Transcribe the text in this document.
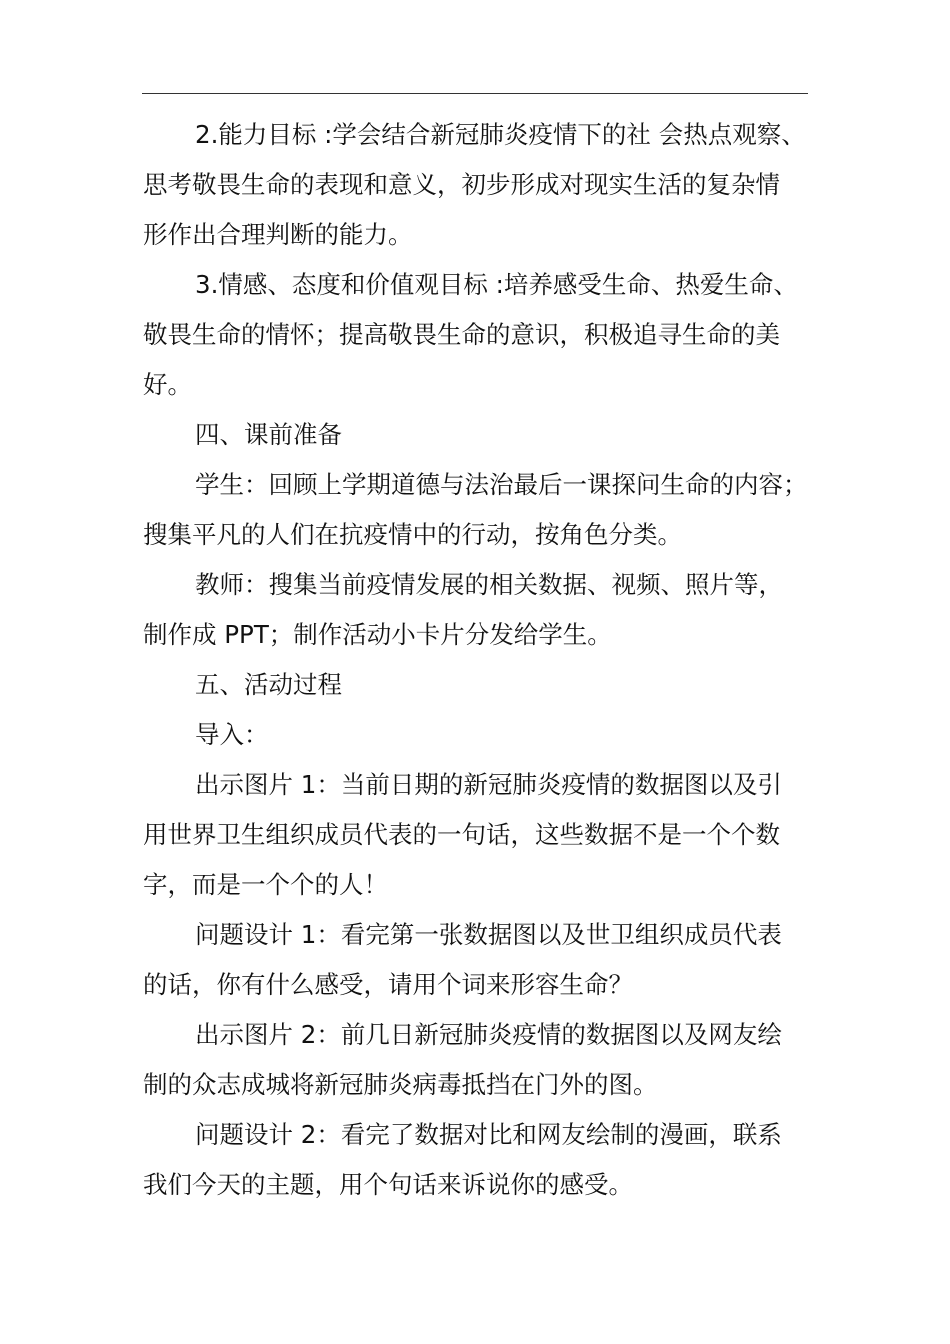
2.能力目标 :学会结合新冠肺炎疫情下的社 会热点观察、
思考敬畏生命的表现和意义，初步形成对现实生活的复杂情
形作出合理判断的能力。
3.情感、态度和价值观目标 :培养感受生命、热爱生命、
敬畏生命的情怀；提高敬畏生命的意识，积极追寻生命的美
好。
四、课前准备
学生：回顾上学期道德与法治最后一课探问生命的内容；
搜集平凡的人们在抗疫情中的行动，按角色分类。
教师：搜集当前疫情发展的相关数据、视频、照片等，
制作成 PPT；制作活动小卡片分发给学生。
五、活动过程
导入：
出示图片 1：当前日期的新冠肺炎疫情的数据图以及引
用世界卫生组织成员代表的一句话，这些数据不是一个个数
字，而是一个个的人！
问题设计 1：看完第一张数据图以及世卫组织成员代表
的话，你有什么感受，请用个词来形容生命？
出示图片 2：前几日新冠肺炎疫情的数据图以及网友绘
制的众志成城将新冠肺炎病毒抵挡在门外的图。
问题设计 2：看完了数据对比和网友绘制的漫画，联系
我们今天的主题，用个句话来诉说你的感受。
